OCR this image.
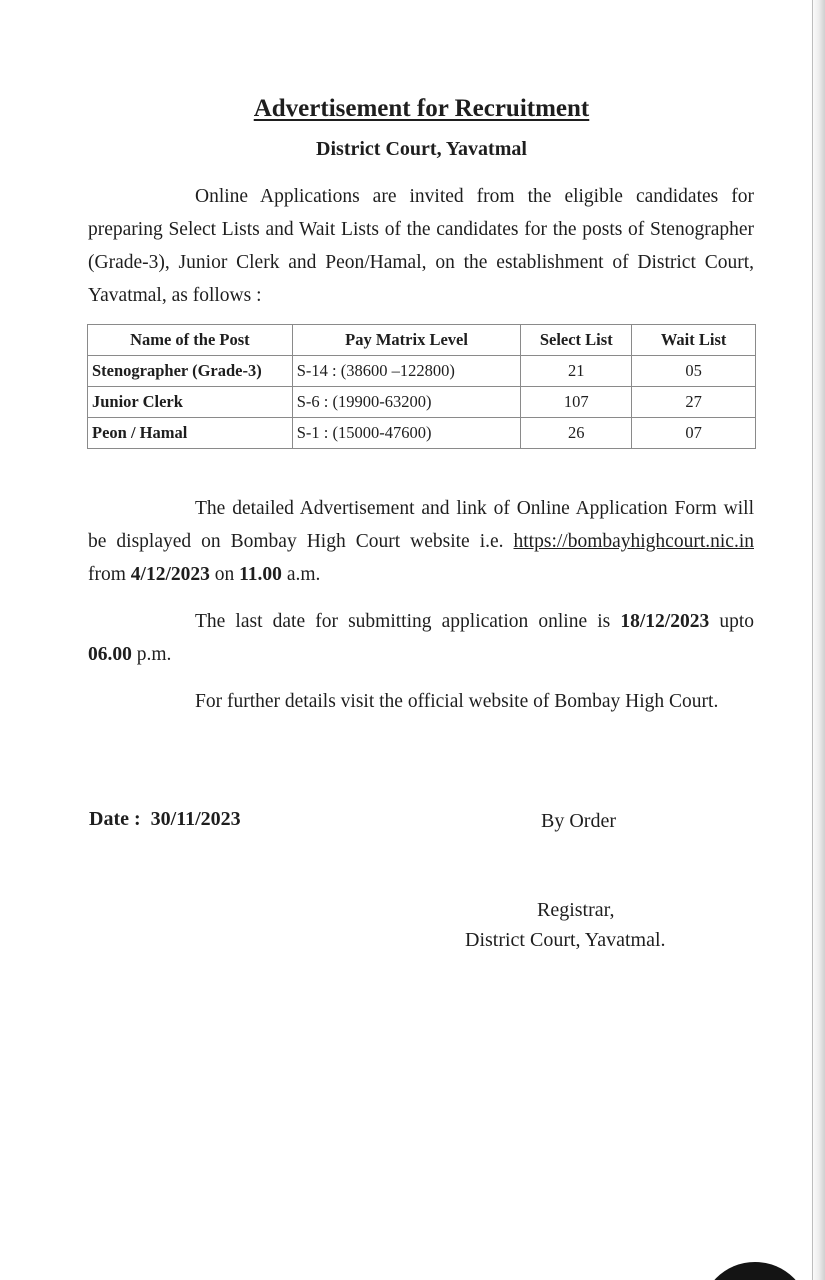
Advertisement for Recruitment
District Court, Yavatmal

Online Applications are invited from the eligible candidates for preparing Select Lists and Wait Lists of the candidates for the posts of Stenographer (Grade-3), Junior Clerk and Peon/Hamal, on the establishment of District Court, Yavatmal, as follows :

Name of the Post	Pay Matrix Level	Select List	Wait List
Stenographer (Grade-3)	S-14 : (38600 –122800)	21	05
Junior Clerk	S-6 : (19900-63200)	107	27
Peon / Hamal	S-1 : (15000-47600)	26	07

The detailed Advertisement and link of Online Application Form will be displayed on Bombay High Court website i.e. https://bombayhighcourt.nic.in from 4/12/2023 on 11.00 a.m.

The last date for submitting application online is 18/12/2023 upto 06.00 p.m.

For further details visit the official website of Bombay High Court.

Date : 30/11/2023	By Order
Registrar,
District Court, Yavatmal.
